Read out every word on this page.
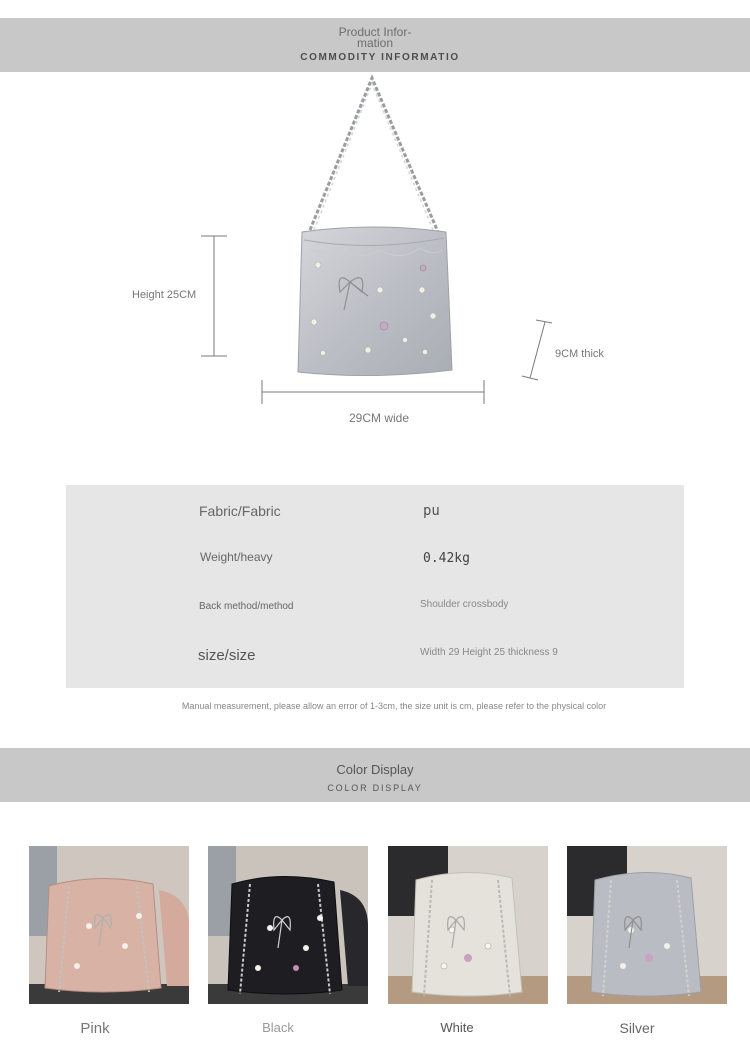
Product Infor-mation
COMMODITY INFORMATIO
Height 25CM
29CM wide
9CM thick
Fabric/Fabric	pu
Weight/heavy	0.42kg
Back method/method	Shoulder crossbody
size/size	Width 29 Height 25 thickness 9
Manual measurement, please allow an error of 1-3cm, the size unit is cm, please refer to the physical color
Color Display
COLOR DISPLAY
Pink	Black	White	Silver
